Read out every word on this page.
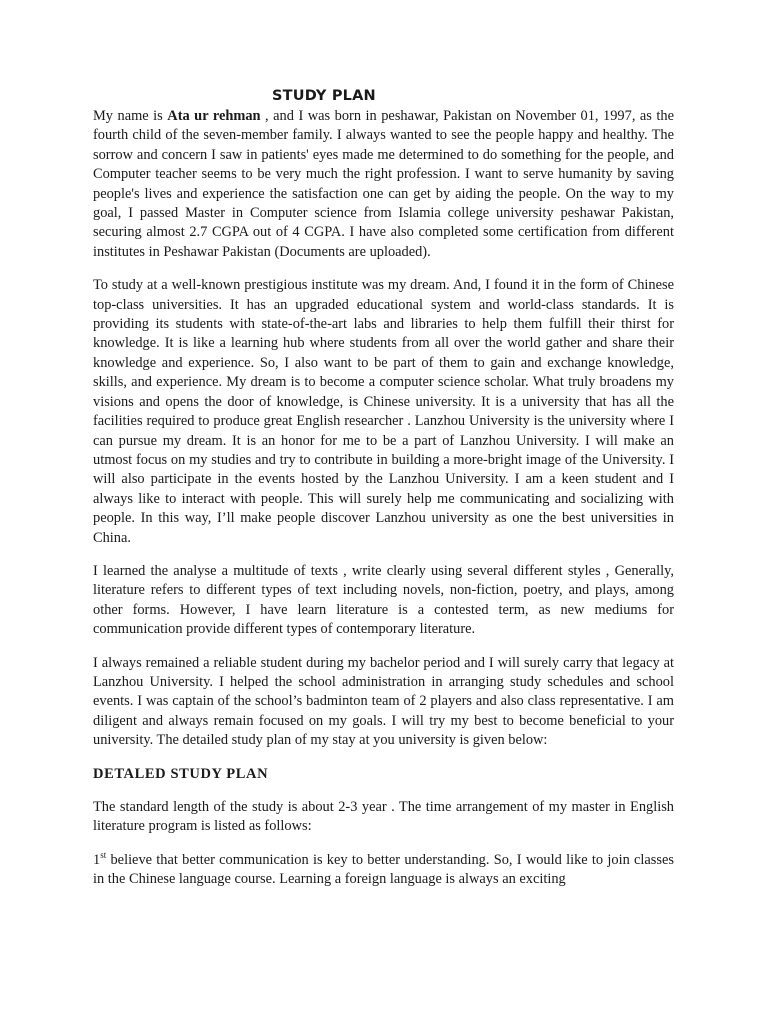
STUDY PLAN

My name is Ata ur rehman , and I was born in peshawar, Pakistan on November 01, 1997, as the fourth child of the seven-member family. I always wanted to see the people happy and healthy. The sorrow and concern I saw in patients' eyes made me determined to do something for the people, and Computer teacher seems to be very much the right profession. I want to serve humanity by saving people's lives and experience the satisfaction one can get by aiding the people. On the way to my goal, I passed Master in Computer science from Islamia college university peshawar Pakistan, securing almost 2.7 CGPA out of 4 CGPA. I have also completed some certification from different institutes in Peshawar Pakistan (Documents are uploaded).

To study at a well-known prestigious institute was my dream. And, I found it in the form of Chinese top-class universities. It has an upgraded educational system and world-class standards. It is providing its students with state-of-the-art labs and libraries to help them fulfill their thirst for knowledge. It is like a learning hub where students from all over the world gather and share their knowledge and experience. So, I also want to be part of them to gain and exchange knowledge, skills, and experience. My dream is to become a computer science scholar. What truly broadens my visions and opens the door of knowledge, is Chinese university. It is a university that has all the facilities required to produce great English researcher . Lanzhou University is the university where I can pursue my dream. It is an honor for me to be a part of Lanzhou University. I will make an utmost focus on my studies and try to contribute in building a more-bright image of the University. I will also participate in the events hosted by the Lanzhou University. I am a keen student and I always like to interact with people. This will surely help me communicating and socializing with people. In this way, I’ll make people discover Lanzhou university as one the best universities in China.

I learned the analyse a multitude of texts , write clearly using several different styles , Generally, literature refers to different types of text including novels, non-fiction, poetry, and plays, among other forms. However, I have learn literature is a contested term, as new mediums for communication provide different types of contemporary literature.

I always remained a reliable student during my bachelor period and I will surely carry that legacy at Lanzhou University. I helped the school administration in arranging study schedules and school events. I was captain of the school’s badminton team of 2 players and also class representative. I am diligent and always remain focused on my goals. I will try my best to become beneficial to your university. The detailed study plan of my stay at you university is given below:

DETALED STUDY PLAN

The standard length of the study is about 2-3 year . The time arrangement of my master in English literature program is listed as follows:

1st believe that better communication is key to better understanding. So, I would like to join classes in the Chinese language course. Learning a foreign language is always an exciting
